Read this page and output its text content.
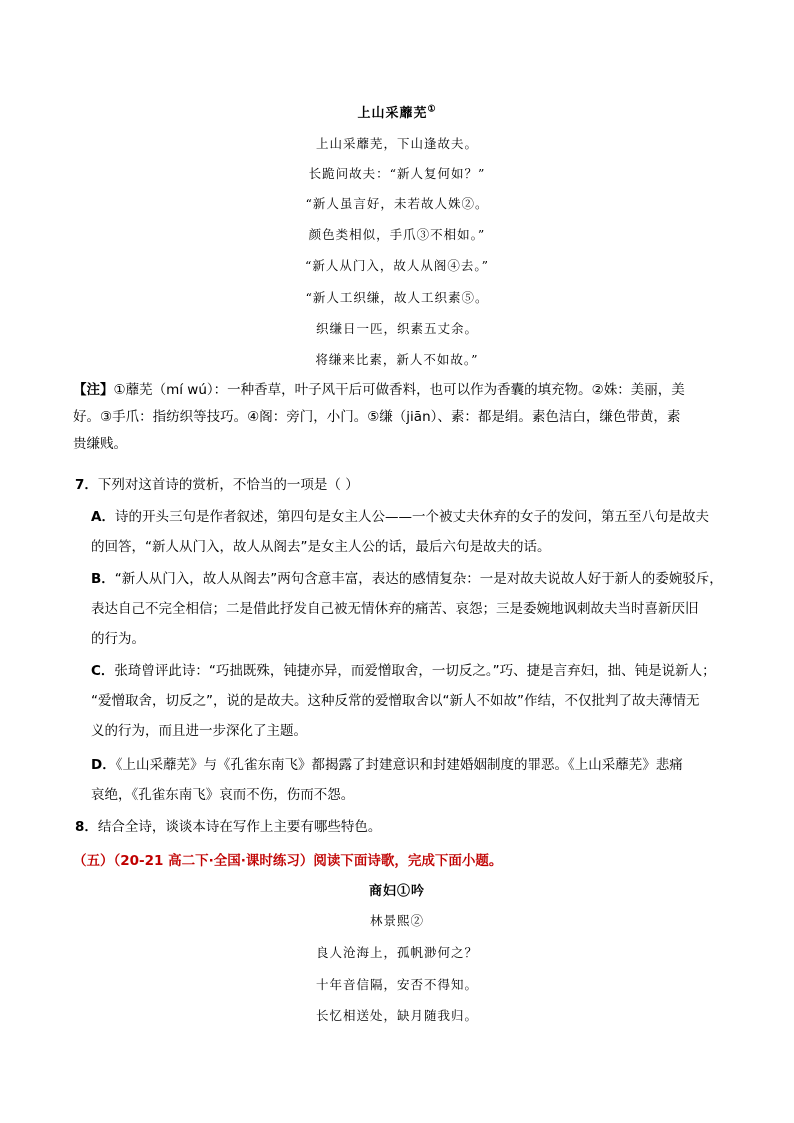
上山采蘼芜①
上山采蘼芜，下山逢故夫。
长跪问故夫：“新人复何如？”
“新人虽言好，未若故人姝②。
颜色类相似，手爪③不相如。”
“新人从门入，故人从阁④去。”
“新人工织缣，故人工织素⑤。
织缣日一匹，织素五丈余。
将缣来比素，新人不如故。”
【注】①蘼芜（mí wú）：一种香草，叶子风干后可做香料，也可以作为香囊的填充物。②姝：美丽，美
好。③手爪：指纺织等技巧。④阁：旁门，小门。⑤缣（jiān）、素：都是绢。素色洁白，缣色带黄，素
贵缣贱。
7．下列对这首诗的赏析，不恰当的一项是（ ）
A．诗的开头三句是作者叙述，第四句是女主人公——一个被丈夫休弃的女子的发问，第五至八句是故夫
的回答，“新人从门入，故人从阁去”是女主人公的话，最后六句是故夫的话。
B．“新人从门入，故人从阁去”两句含意丰富，表达的感情复杂：一是对故夫说故人好于新人的委婉驳斥，
表达自己不完全相信；二是借此抒发自己被无情休弃的痛苦、哀怨；三是委婉地讽刺故夫当时喜新厌旧
的行为。
C．张琦曾评此诗：“巧拙既殊，钝捷亦异，而爱憎取舍，一切反之。”巧、捷是言弃妇，拙、钝是说新人；
“爱憎取舍，切反之”，说的是故夫。这种反常的爱憎取舍以“新人不如故”作结，不仅批判了故夫薄情无
义的行为，而且进一步深化了主题。
D．《上山采蘼芜》与《孔雀东南飞》都揭露了封建意识和封建婚姻制度的罪恶。《上山采蘼芜》悲痛
哀绝，《孔雀东南飞》哀而不伤，伤而不怨。
8．结合全诗，谈谈本诗在写作上主要有哪些特色。
（五）（20-21 高二下·全国·课时练习）阅读下面诗歌，完成下面小题。
商妇①吟
林景熙②
良人沧海上，孤帆渺何之？
十年音信隔，安否不得知。
长忆相送处，缺月随我归。
